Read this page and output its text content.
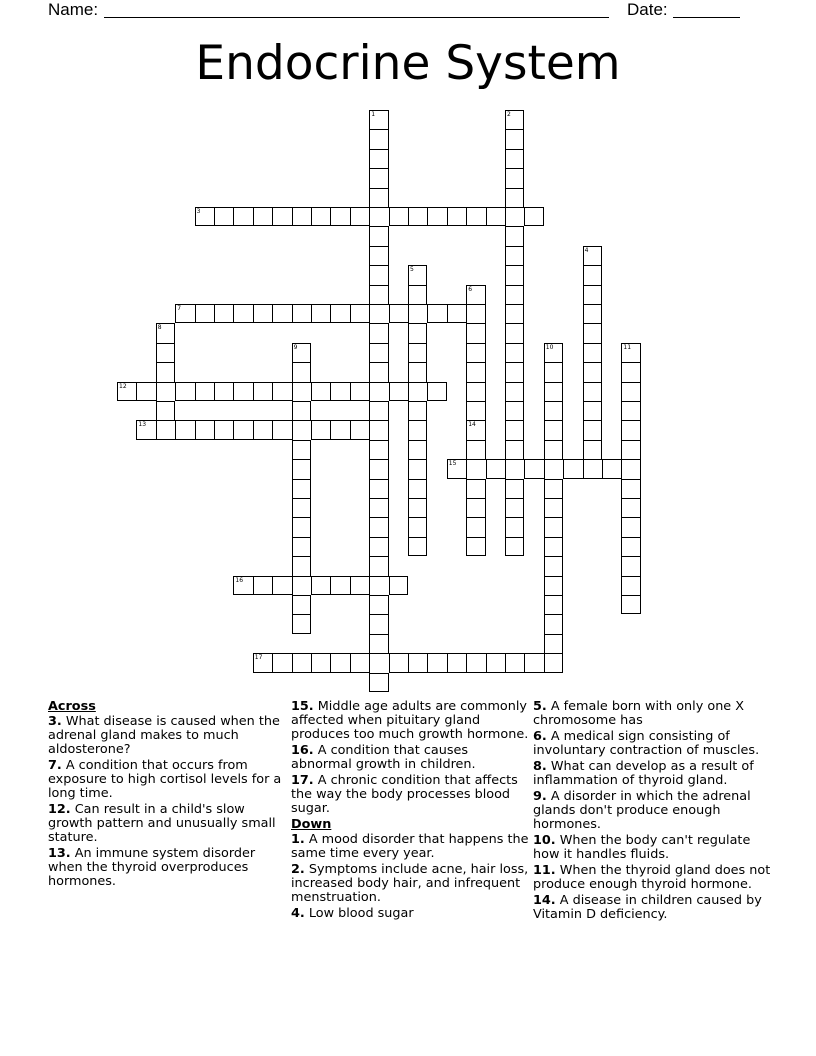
Name:	Date:
Endocrine System
3
7
12
13
15
16
17
1	2
4
5
6
8
9	10	11
14
Across
3. What disease is caused when the adrenal gland makes to much aldosterone?
7. A condition that occurs from exposure to high cortisol levels for a long time.
12. Can result in a child's slow growth pattern and unusually small stature.
13. An immune system disorder when the thyroid overproduces hormones.
15. Middle age adults are commonly affected when pituitary gland produces too much growth hormone.
16. A condition that causes abnormal growth in children.
17. A chronic condition that affects the way the body processes blood sugar.
Down
1. A mood disorder that happens the same time every year.
2. Symptoms include acne, hair loss, increased body hair, and infrequent menstruation.
4. Low blood sugar
5. A female born with only one X chromosome has
6. A medical sign consisting of involuntary contraction of muscles.
8. What can develop as a result of inflammation of thyroid gland.
9. A disorder in which the adrenal glands don't produce enough hormones.
10. When the body can't regulate how it handles fluids.
11. When the thyroid gland does not produce enough thyroid hormone.
14. A disease in children caused by Vitamin D deficiency.
